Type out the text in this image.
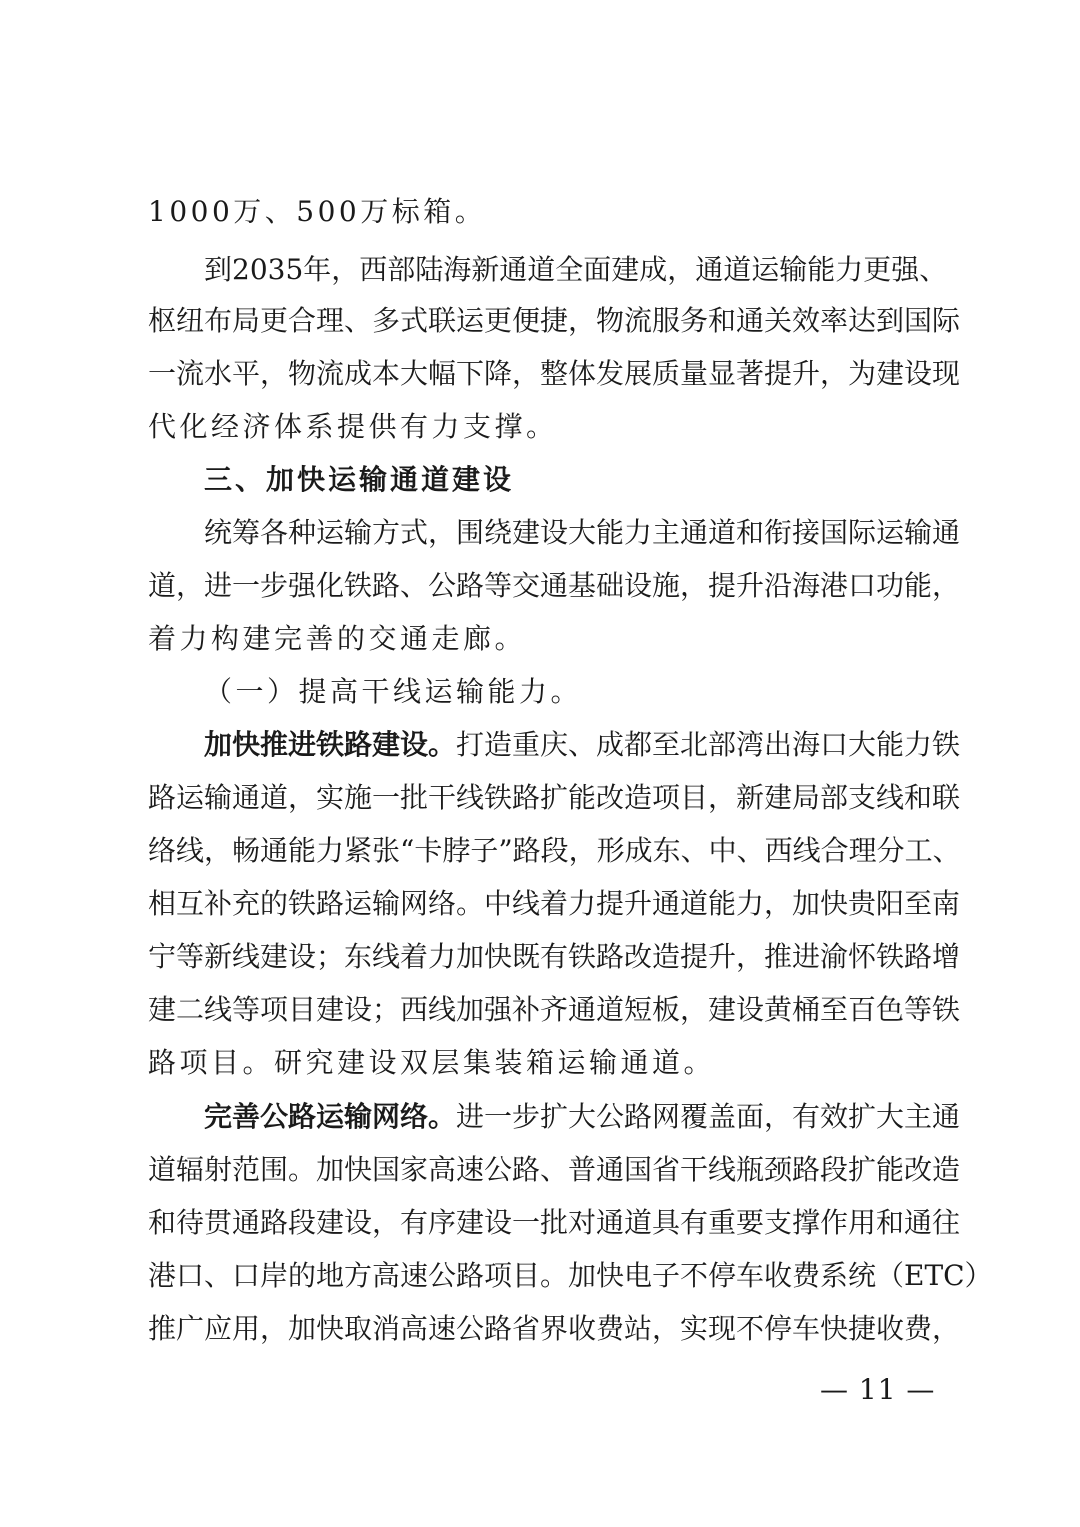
1000万、500万标箱。
到2035年，西部陆海新通道全面建成，通道运输能力更强、
枢纽布局更合理、多式联运更便捷，物流服务和通关效率达到国际
一流水平，物流成本大幅下降，整体发展质量显著提升，为建设现
代化经济体系提供有力支撑。
三、加快运输通道建设
统筹各种运输方式，围绕建设大能力主通道和衔接国际运输通
道，进一步强化铁路、公路等交通基础设施，提升沿海港口功能，
着力构建完善的交通走廊。
（一）提高干线运输能力。
加快推进铁路建设。打造重庆、成都至北部湾出海口大能力铁
路运输通道，实施一批干线铁路扩能改造项目，新建局部支线和联
络线，畅通能力紧张“卡脖子”路段，形成东、中、西线合理分工、
相互补充的铁路运输网络。中线着力提升通道能力，加快贵阳至南
宁等新线建设；东线着力加快既有铁路改造提升，推进渝怀铁路增
建二线等项目建设；西线加强补齐通道短板，建设黄桶至百色等铁
路项目。研究建设双层集装箱运输通道。
完善公路运输网络。进一步扩大公路网覆盖面，有效扩大主通
道辐射范围。加快国家高速公路、普通国省干线瓶颈路段扩能改造
和待贯通路段建设，有序建设一批对通道具有重要支撑作用和通往
港口、口岸的地方高速公路项目。加快电子不停车收费系统（ETC）
推广应用，加快取消高速公路省界收费站，实现不停车快捷收费，
— 11 —
